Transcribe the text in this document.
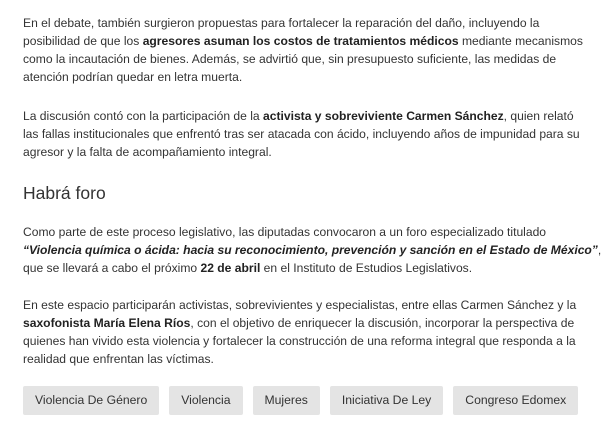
En el debate, también surgieron propuestas para fortalecer la reparación del daño, incluyendo la posibilidad de que los agresores asuman los costos de tratamientos médicos mediante mecanismos como la incautación de bienes. Además, se advirtió que, sin presupuesto suficiente, las medidas de atención podrían quedar en letra muerta.

La discusión contó con la participación de la activista y sobreviviente Carmen Sánchez, quien relató las fallas institucionales que enfrentó tras ser atacada con ácido, incluyendo años de impunidad para su agresor y la falta de acompañamiento integral.

Habrá foro

Como parte de este proceso legislativo, las diputadas convocaron a un foro especializado titulado “Violencia química o ácida: hacia su reconocimiento, prevención y sanción en el Estado de México”, que se llevará a cabo el próximo 22 de abril en el Instituto de Estudios Legislativos.

En este espacio participarán activistas, sobrevivientes y especialistas, entre ellas Carmen Sánchez y la saxofonista María Elena Ríos, con el objetivo de enriquecer la discusión, incorporar la perspectiva de quienes han vivido esta violencia y fortalecer la construcción de una reforma integral que responda a la realidad que enfrentan las víctimas.

Violencia De Género	Violencia	Mujeres	Iniciativa De Ley	Congreso Edomex
